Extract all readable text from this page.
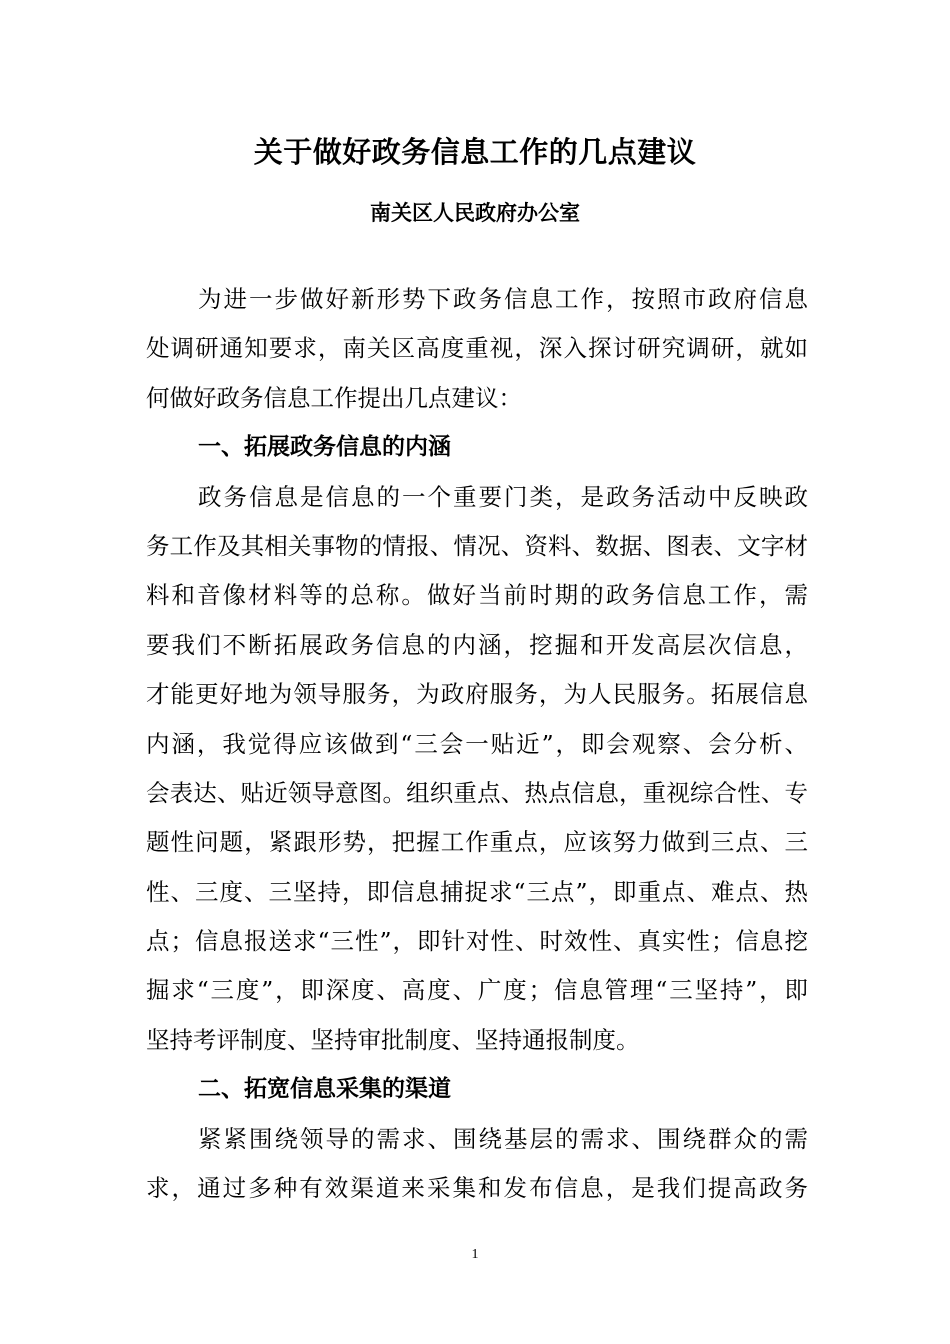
关于做好政务信息工作的几点建议
南关区人民政府办公室
为进一步做好新形势下政务信息工作，按照市政府信息
处调研通知要求，南关区高度重视，深入探讨研究调研，就如
何做好政务信息工作提出几点建议：
一、拓展政务信息的内涵
政务信息是信息的一个重要门类，是政务活动中反映政
务工作及其相关事物的情报、情况、资料、数据、图表、文字材
料和音像材料等的总称。做好当前时期的政务信息工作，需
要我们不断拓展政务信息的内涵，挖掘和开发高层次信息，
才能更好地为领导服务，为政府服务，为人民服务。拓展信息
内涵，我觉得应该做到“三会一贴近”，即会观察、会分析、
会表达、贴近领导意图。组织重点、热点信息，重视综合性、专
题性问题，紧跟形势，把握工作重点，应该努力做到三点、三
性、三度、三坚持，即信息捕捉求“三点”，即重点、难点、热
点；信息报送求“三性”，即针对性、时效性、真实性；信息挖
掘求“三度”，即深度、高度、广度；信息管理“三坚持”，即
坚持考评制度、坚持审批制度、坚持通报制度。
二、拓宽信息采集的渠道
紧紧围绕领导的需求、围绕基层的需求、围绕群众的需
求，通过多种有效渠道来采集和发布信息，是我们提高政务
1
